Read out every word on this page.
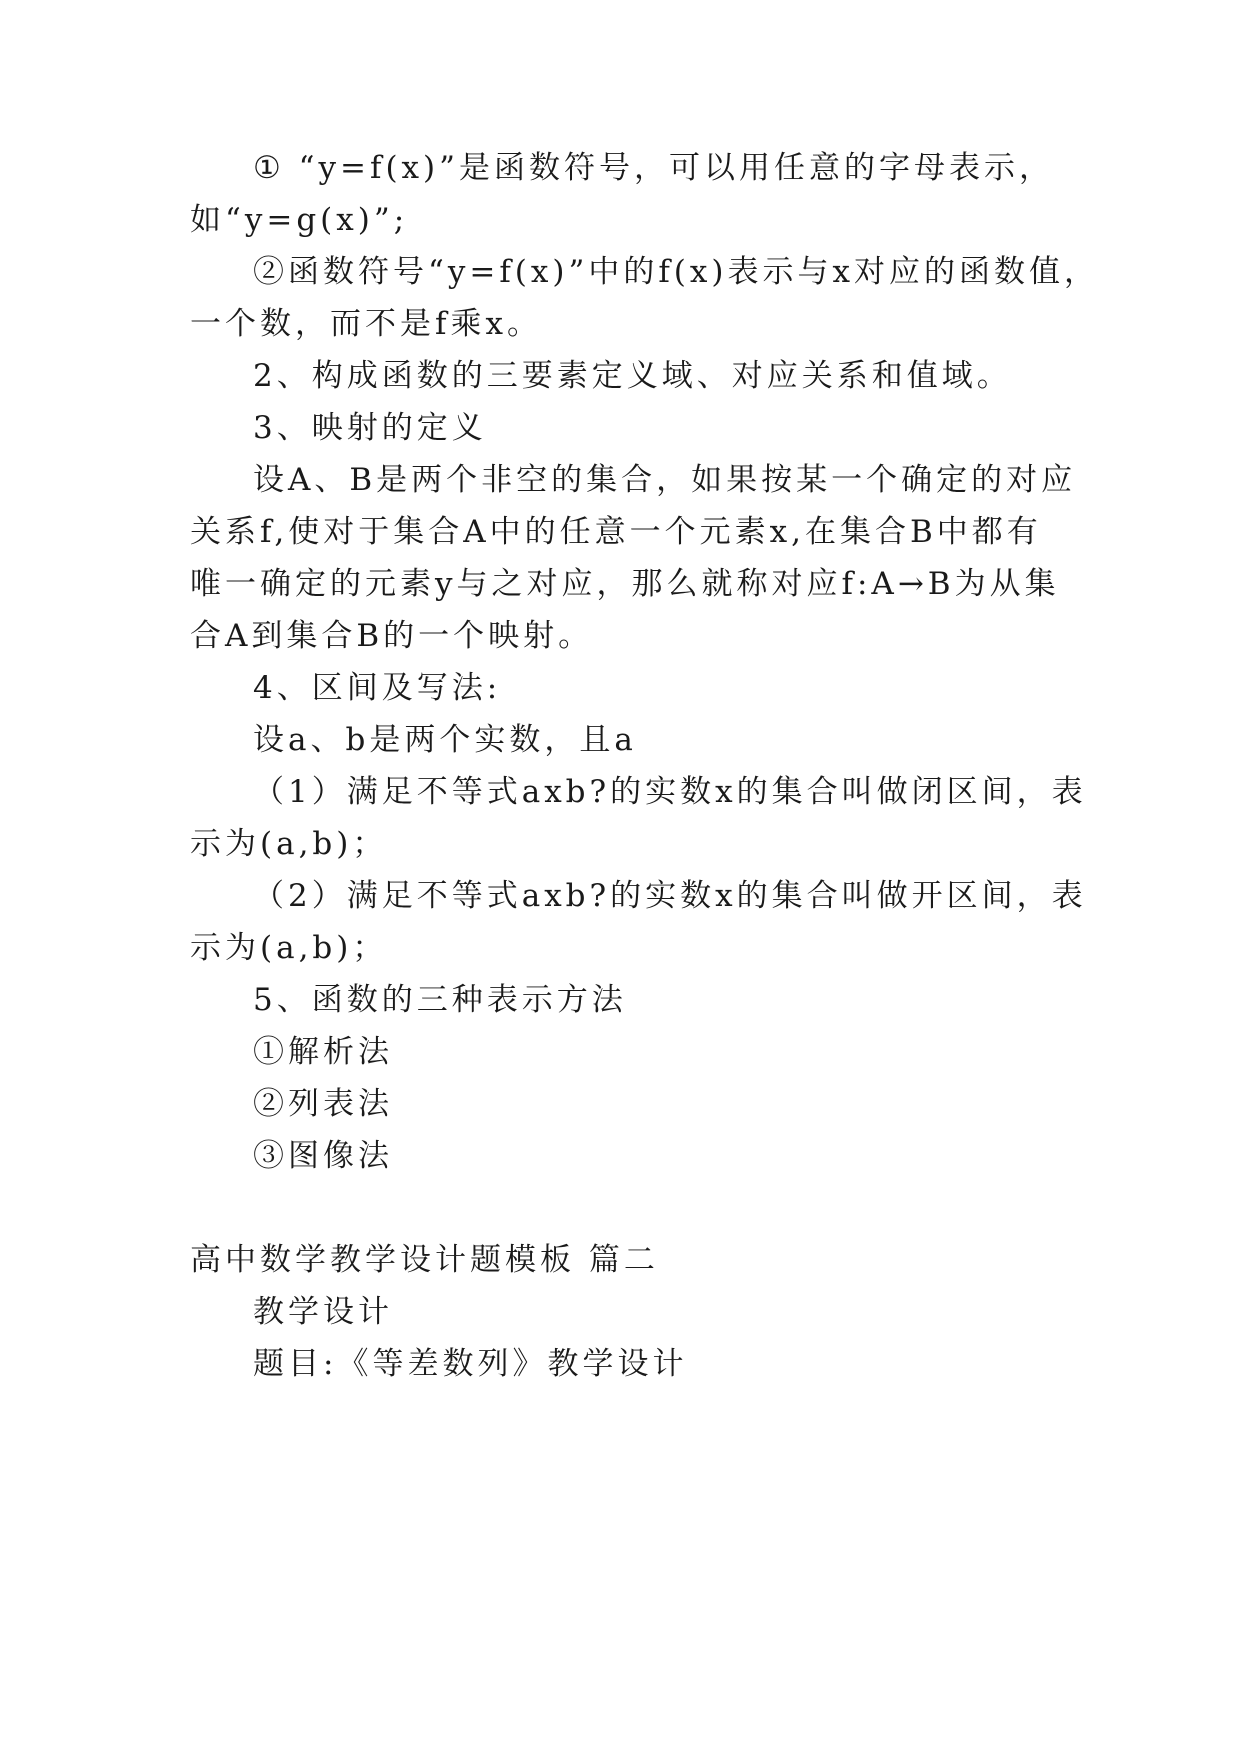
① “y=f(x)”是函数符号，可以用任意的字母表示，
如“y=g(x)”;
②函数符号“y=f(x)”中的f(x)表示与x对应的函数值，
一个数，而不是f乘x。
2、构成函数的三要素定义域、对应关系和值域。
3、映射的定义
设A、B是两个非空的集合，如果按某一个确定的对应
关系f,使对于集合A中的任意一个元素x,在集合B中都有
唯一确定的元素y与之对应，那么就称对应f:A→B为从集
合A到集合B的一个映射。
4、区间及写法:
设a、b是两个实数，且a
（1）满足不等式axb?的实数x的集合叫做闭区间，表
示为(a,b)；
（2）满足不等式axb?的实数x的集合叫做开区间，表
示为(a,b)；
5、函数的三种表示方法
①解析法
②列表法
③图像法
高中数学教学设计题模板 篇二
教学设计
题目:《等差数列》教学设计
